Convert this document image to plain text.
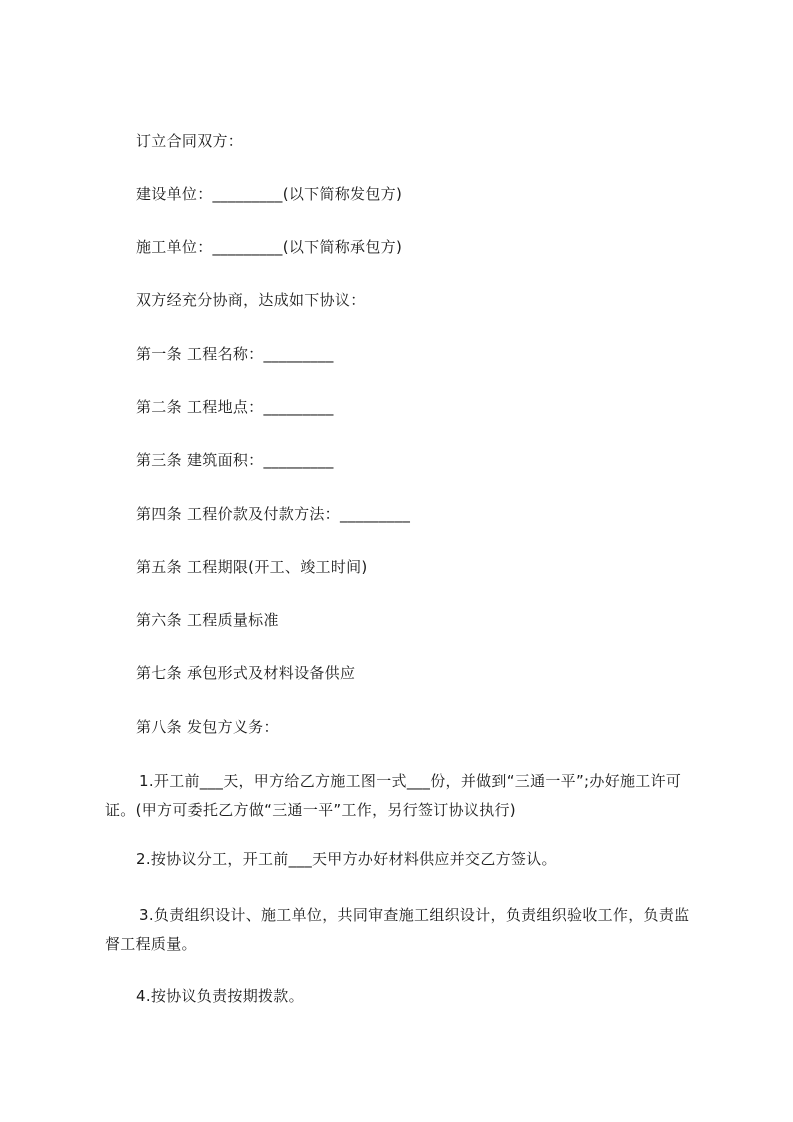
订立合同双方：
建设单位：_________(以下简称发包方)
施工单位：_________(以下简称承包方)
双方经充分协商，达成如下协议：
第一条 工程名称：_________
第二条 工程地点：_________
第三条 建筑面积：_________
第四条 工程价款及付款方法：_________
第五条 工程期限(开工、竣工时间)
第六条 工程质量标准
第七条 承包形式及材料设备供应
第八条 发包方义务：
1.开工前___天，甲方给乙方施工图一式___份，并做到“三通一平”;办好施工许可证。(甲方可委托乙方做“三通一平”工作，另行签订协议执行)
2.按协议分工，开工前___天甲方办好材料供应并交乙方签认。
3.负责组织设计、施工单位，共同审查施工组织设计，负责组织验收工作，负责监督工程质量。
4.按协议负责按期拨款。
